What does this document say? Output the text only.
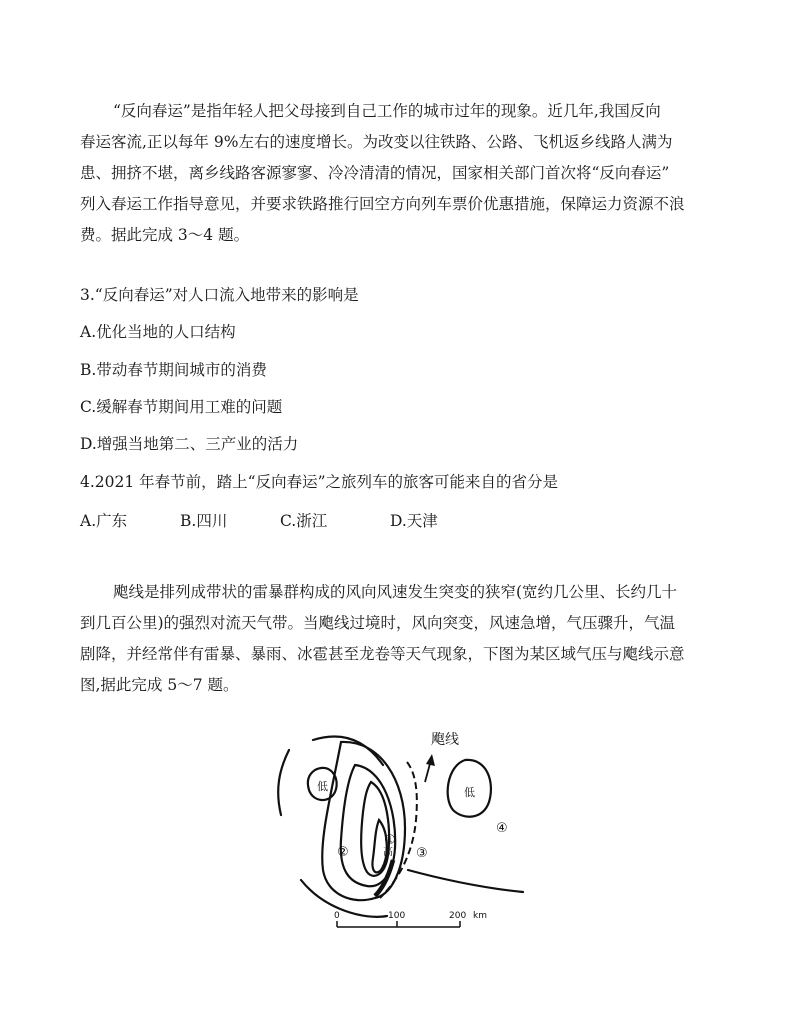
“反向春运”是指年轻人把父母接到自己工作的城市过年的现象。近几年,我国反向
春运客流,正以每年 9%左右的速度增长。为改变以往铁路、公路、飞机返乡线路人满为
患、拥挤不堪，离乡线路客源寥寥、冷冷清清的情况，国家相关部门首次将“反向春运”
列入春运工作指导意见，并要求铁路推行回空方向列车票价优惠措施，保障运力资源不浪
费。据此完成 3～4 题。
3.“反向春运”对人口流入地带来的影响是
A.优化当地的人口结构
B.带动春节期间城市的消费
C.缓解春节期间用工难的问题
D.增强当地第二、三产业的活力
4.2021 年春节前，踏上“反向春运”之旅列车的旅客可能来自的省分是
A.广东	B.四川	C.浙江	D.天津
飑线是排列成带状的雷暴群构成的风向风速发生突变的狭窄(宽约几公里、长约几十
到几百公里)的强烈对流天气带。当飑线过境时，风向突变，风速急增，气压骤升，气温
剧降，并经常伴有雷暴、暴雨、冰雹甚至龙卷等天气现象，下图为某区域气压与飑线示意
图,据此完成 5～7 题。
飑线
低	低
高
①
②	③
④
0	100	200 km
